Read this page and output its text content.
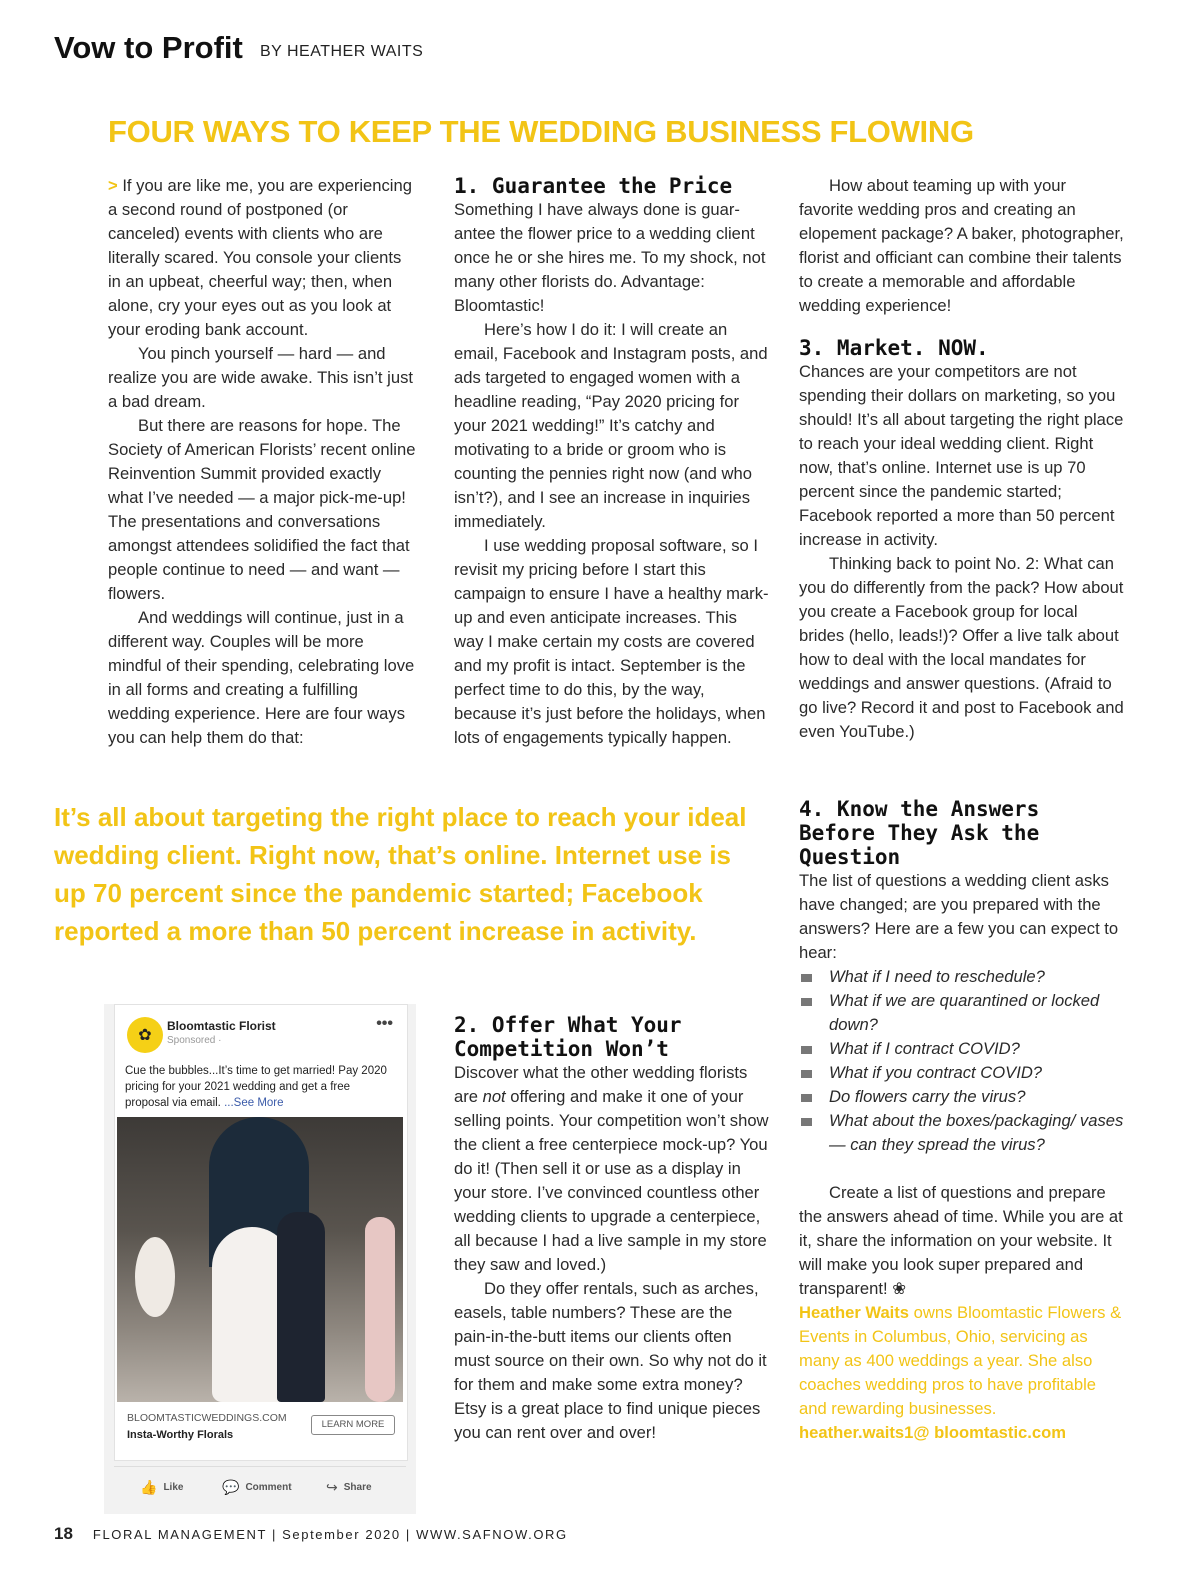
Vow to Profit BY HEATHER WAITS
FOUR WAYS TO KEEP THE WEDDING BUSINESS FLOWING

> If you are like me, you are experiencing a second round of postponed (or canceled) events with clients who are literally scared. You console your clients in an upbeat, cheerful way; then, when alone, cry your eyes out as you look at your eroding bank account.

You pinch yourself — hard — and realize you are wide awake. This isn’t just a bad dream.

But there are reasons for hope. The Society of American Florists’ recent online Reinvention Summit provided exactly what I’ve needed — a major pick-me-up! The presentations and conversations amongst attendees solidified the fact that people continue to need — and want — flowers.

And weddings will continue, just in a different way. Couples will be more mindful of their spending, celebrating love in all forms and creating a fulfilling wedding experience. Here are four ways you can help them do that:

1. Guarantee the Price

Something I have always done is guarantee the flower price to a wedding client once he or she hires me. To my shock, not many other florists do. Advantage: Bloomtastic!

Here’s how I do it: I will create an email, Facebook and Instagram posts, and ads targeted to engaged women with a headline reading, “Pay 2020 pricing for your 2021 wedding!” It’s catchy and motivating to a bride or groom who is counting the pennies right now (and who isn’t?), and I see an increase in inquiries immediately.

I use wedding proposal software, so I revisit my pricing before I start this campaign to ensure I have a healthy mark-up and even anticipate increases. This way I make certain my costs are covered and my profit is intact. September is the perfect time to do this, by the way, because it’s just before the holidays, when lots of engagements typically happen.

How about teaming up with your favorite wedding pros and creating an elopement package? A baker, photographer, florist and officiant can combine their talents to create a memorable and affordable wedding experience!

3. Market. NOW.

Chances are your competitors are not spending their dollars on marketing, so you should! It’s all about targeting the right place to reach your ideal wedding client. Right now, that’s online. Internet use is up 70 percent since the pandemic started; Facebook reported a more than 50 percent increase in activity.

Thinking back to point No. 2: What can you do differently from the pack? How about you create a Facebook group for local brides (hello, leads!)? Offer a live talk about how to deal with the local mandates for weddings and answer questions. (Afraid to go live? Record it and post to Facebook and even YouTube.)

It’s all about targeting the right place to reach your ideal wedding client. Right now, that’s online. Internet use is up 70 percent since the pandemic started; Facebook reported a more than 50 percent increase in activity.
2. Offer What Your Competition Won’t

Discover what the other wedding florists are not offering and make it one of your selling points. Your competition won’t show the client a free centerpiece mock-up? You do it! (Then sell it or use as a display in your store. I’ve convinced countless other wedding clients to upgrade a centerpiece, all because I had a live sample in my store they saw and loved.)

Do they offer rentals, such as arches, easels, table numbers? These are the pain-in-the-butt items our clients often must source on their own. So why not do it for them and make some extra money? Etsy is a great place to find unique pieces you can rent over and over!

4. Know the Answers Before They Ask the Question

The list of questions a wedding client asks have changed; are you prepared with the answers? Here are a few you can expect to hear:

What if I need to reschedule?
What if we are quarantined or locked down?
What if I contract COVID?
What if you contract COVID?
Do flowers carry the virus?
What about the boxes/packaging/ vases — can they spread the virus?

Create a list of questions and prepare the answers ahead of time. While you are at it, share the information on your website. It will make you look super prepared and transparent! ❀

Heather Waits owns Bloomtastic Flowers & Events in Columbus, Ohio, servicing as many as 400 weddings a year. She also coaches wedding pros to have profitable and rewarding businesses. heather.waits1@ bloomtastic.com

✿
Bloomtastic Florist
Sponsored ·
•••
Cue the bubbles...It’s time to get married! Pay 2020 pricing for your 2021 wedding and get a free proposal via email. ...See More
BLOOMTASTICWEDDINGS.COM
Insta-Worthy Florals
LEARN MORE
👍 Like	💬 Comment ↪ Share
18 FLORAL MANAGEMENT | September 2020 | WWW.SAFNOW.ORG
